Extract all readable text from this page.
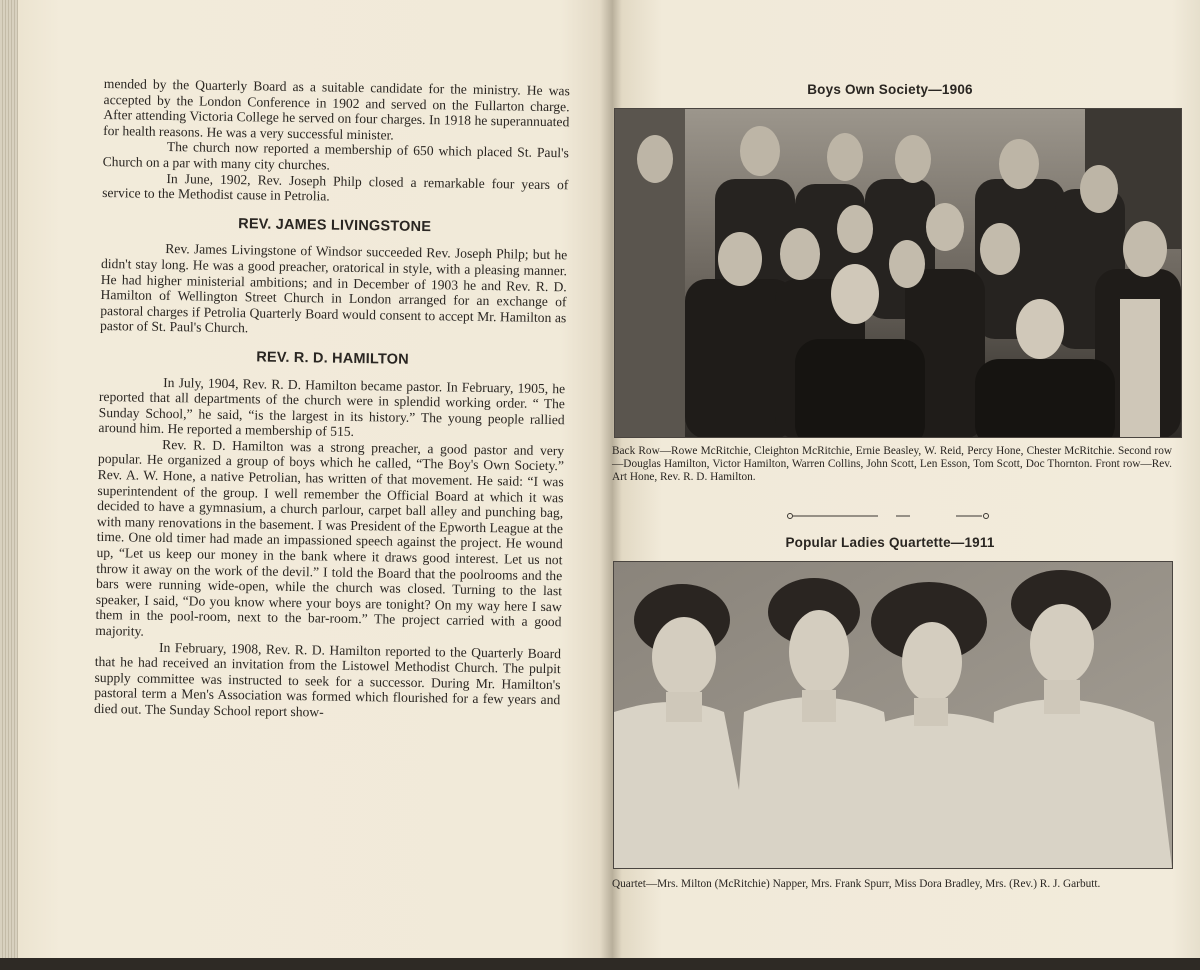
mended by the Quarterly Board as a suitable candidate for the ministry. He was accepted by the London Conference in 1902 and served on the Fullarton charge. After attending Victoria College he served on four charges. In 1918 he superannuated for health reasons. He was a very successful minister.

The church now reported a membership of 650 which placed St. Paul's Church on a par with many city churches.

In June, 1902, Rev. Joseph Philp closed a remarkable four years of service to the Methodist cause in Petrolia.

REV. JAMES LIVINGSTONE

Rev. James Livingstone of Windsor succeeded Rev. Joseph Philp; but he didn't stay long. He was a good preacher, oratorical in style, with a pleasing manner. He had higher ministerial ambitions; and in December of 1903 he and Rev. R. D. Hamilton of Wellington Street Church in London arranged for an exchange of pastoral charges if Petrolia Quarterly Board would consent to accept Mr. Hamilton as pastor of St. Paul's Church.

REV. R. D. HAMILTON

In July, 1904, Rev. R. D. Hamilton became pastor. In February, 1905, he reported that all departments of the church were in splendid working order. “ The Sunday School,” he said, “is the largest in its history.” The young people rallied around him. He reported a membership of 515.

Rev. R. D. Hamilton was a strong preacher, a good pastor and very popular. He organized a group of boys which he called, “The Boy's Own Society.” Rev. A. W. Hone, a native Petrolian, has written of that movement. He said: “I was superintendent of the group. I well remember the Official Board at which it was decided to have a gymnasium, a church parlour, carpet ball alley and punching bag, with many renovations in the basement. I was President of the Epworth League at the time. One old timer had made an impassioned speech against the project. He wound up, “Let us keep our money in the bank where it draws good interest. Let us not throw it away on the work of the devil.” I told the Board that the poolrooms and the bars were running wide-open, while the church was closed. Turning to the last speaker, I said, “Do you know where your boys are tonight? On my way here I saw them in the pool-room, next to the bar-room.” The project carried with a good majority.

In February, 1908, Rev. R. D. Hamilton reported to the Quarterly Board that he had received an invitation from the Listowel Methodist Church. The pulpit supply committee was instructed to seek for a successor. During Mr. Hamilton's pastoral term a Men's Association was formed which flourished for a few years and died out. The Sunday School report show-

Boys Own Society—1906
Back Row—Rowe McRitchie, Cleighton McRitchie, Ernie Beasley, W. Reid, Percy Hone, Chester McRitchie. Second row—Douglas Hamilton, Victor Hamilton, Warren Collins, John Scott, Len Esson, Tom Scott, Doc Thornton. Front row—Rev. Art Hone, Rev. R. D. Hamilton.
Popular Ladies Quartette—1911
Quartet—Mrs. Milton (McRitchie) Napper, Mrs. Frank Spurr, Miss Dora Bradley, Mrs. (Rev.) R. J. Garbutt.
